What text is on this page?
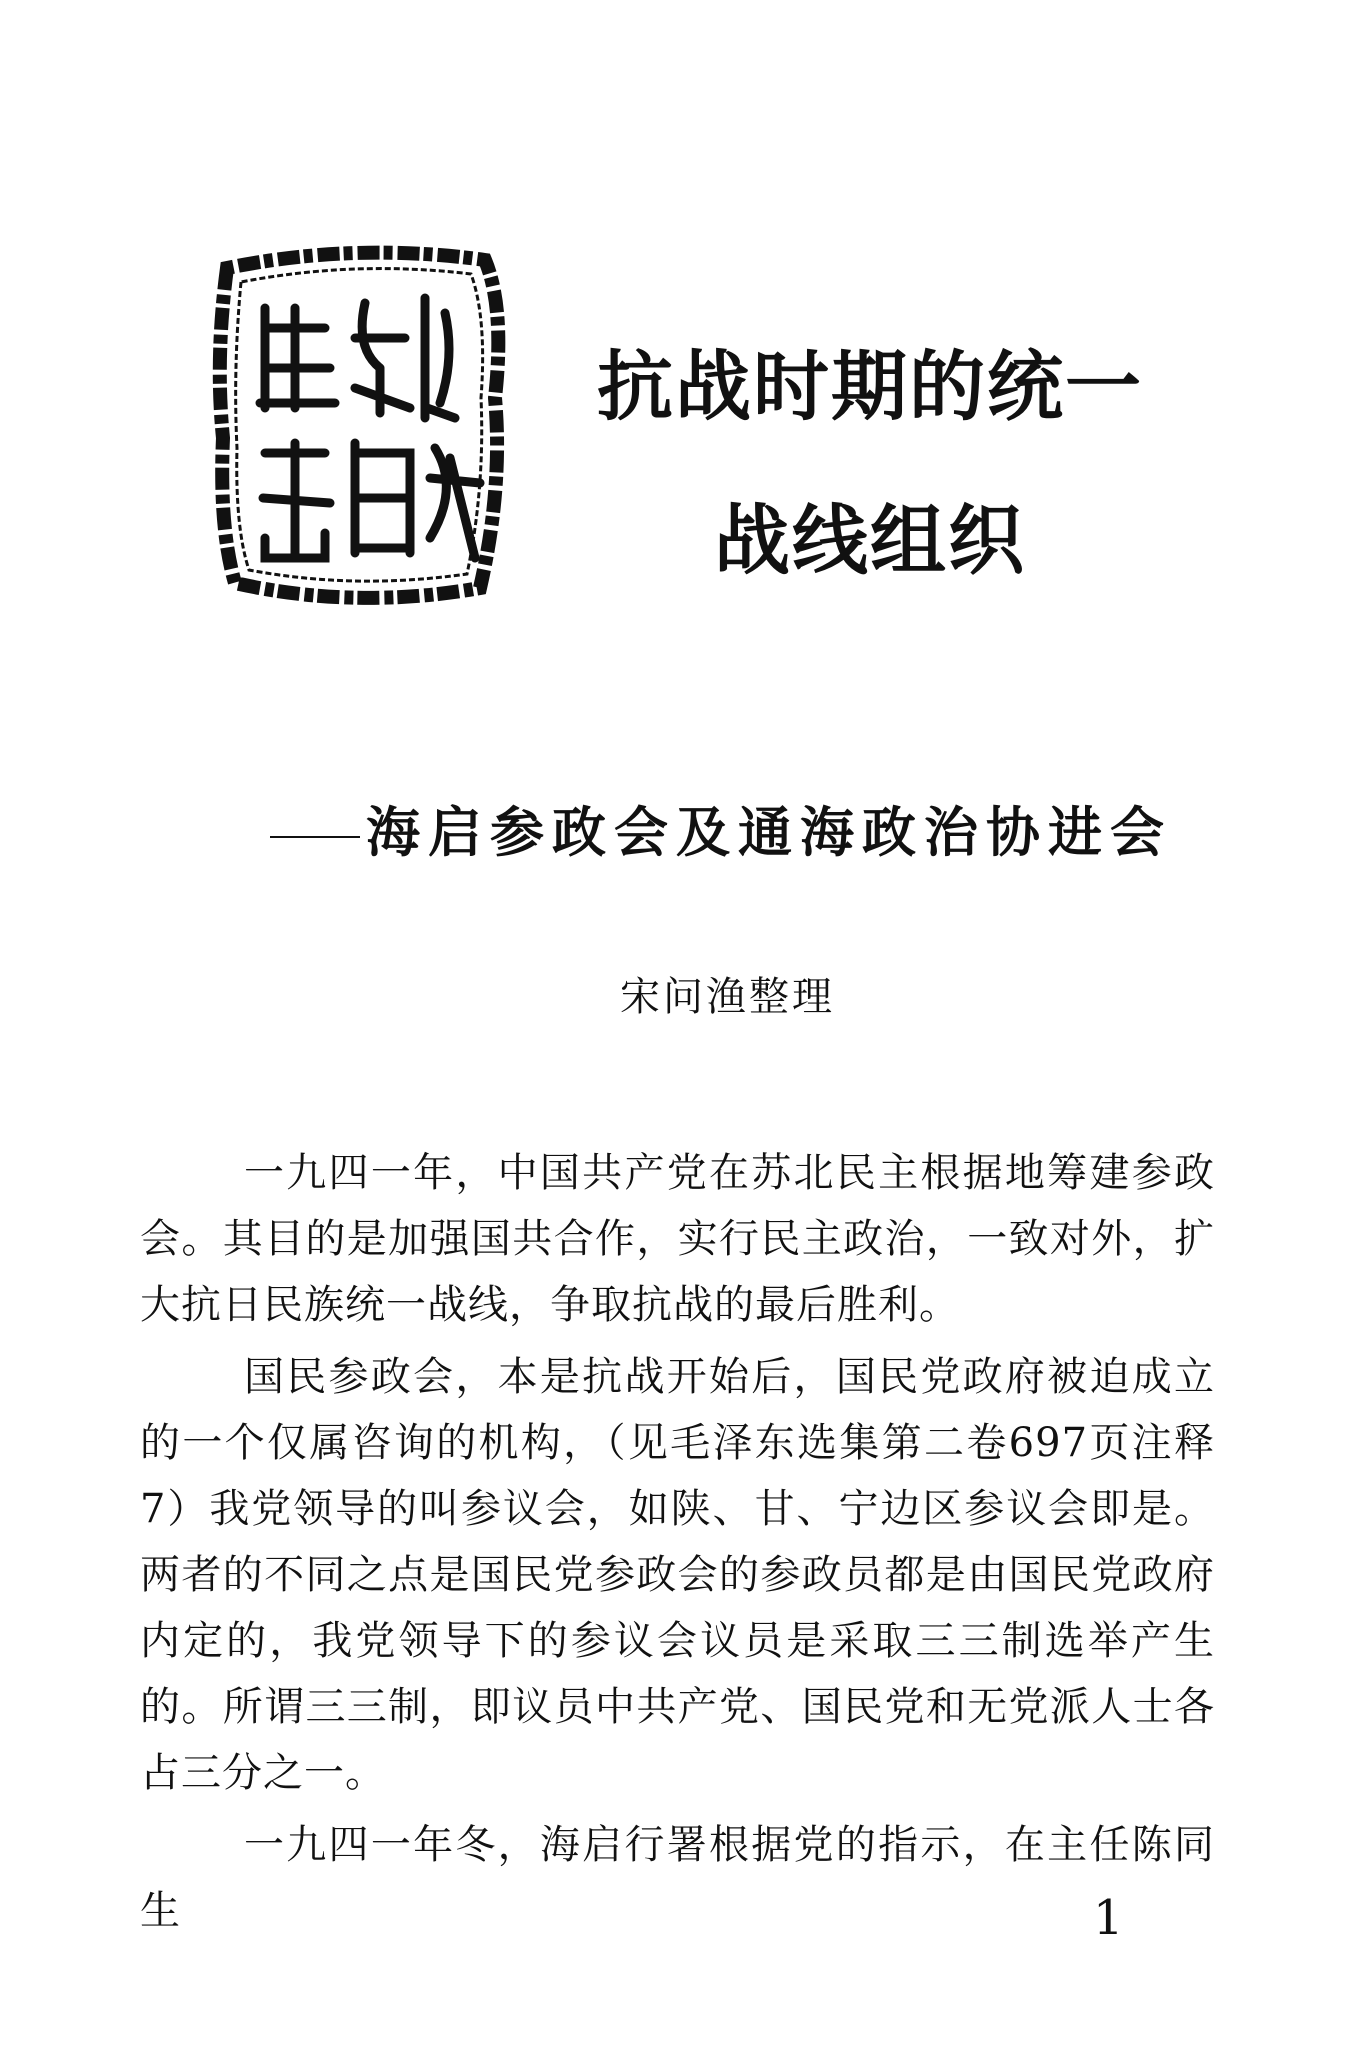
抗战时期的统一
战线组织
海启参政会及通海政治协进会

宋问渔整理

一九四一年，中国共产党在苏北民主根据地筹建参政会。其目的是加强国共合作，实行民主政治，一致对外，扩大抗日民族统一战线，争取抗战的最后胜利。

国民参政会，本是抗战开始后，国民党政府被迫成立的一个仅属咨询的机构，（见毛泽东选集第二卷697页注释7）我党领导的叫参议会，如陕、甘、宁边区参议会即是。两者的不同之点是国民党参政会的参政员都是由国民党政府内定的，我党领导下的参议会议员是采取三三制选举产生的。所谓三三制，即议员中共产党、国民党和无党派人士各占三分之一。

一九四一年冬，海启行署根据党的指示，在主任陈同生	1
